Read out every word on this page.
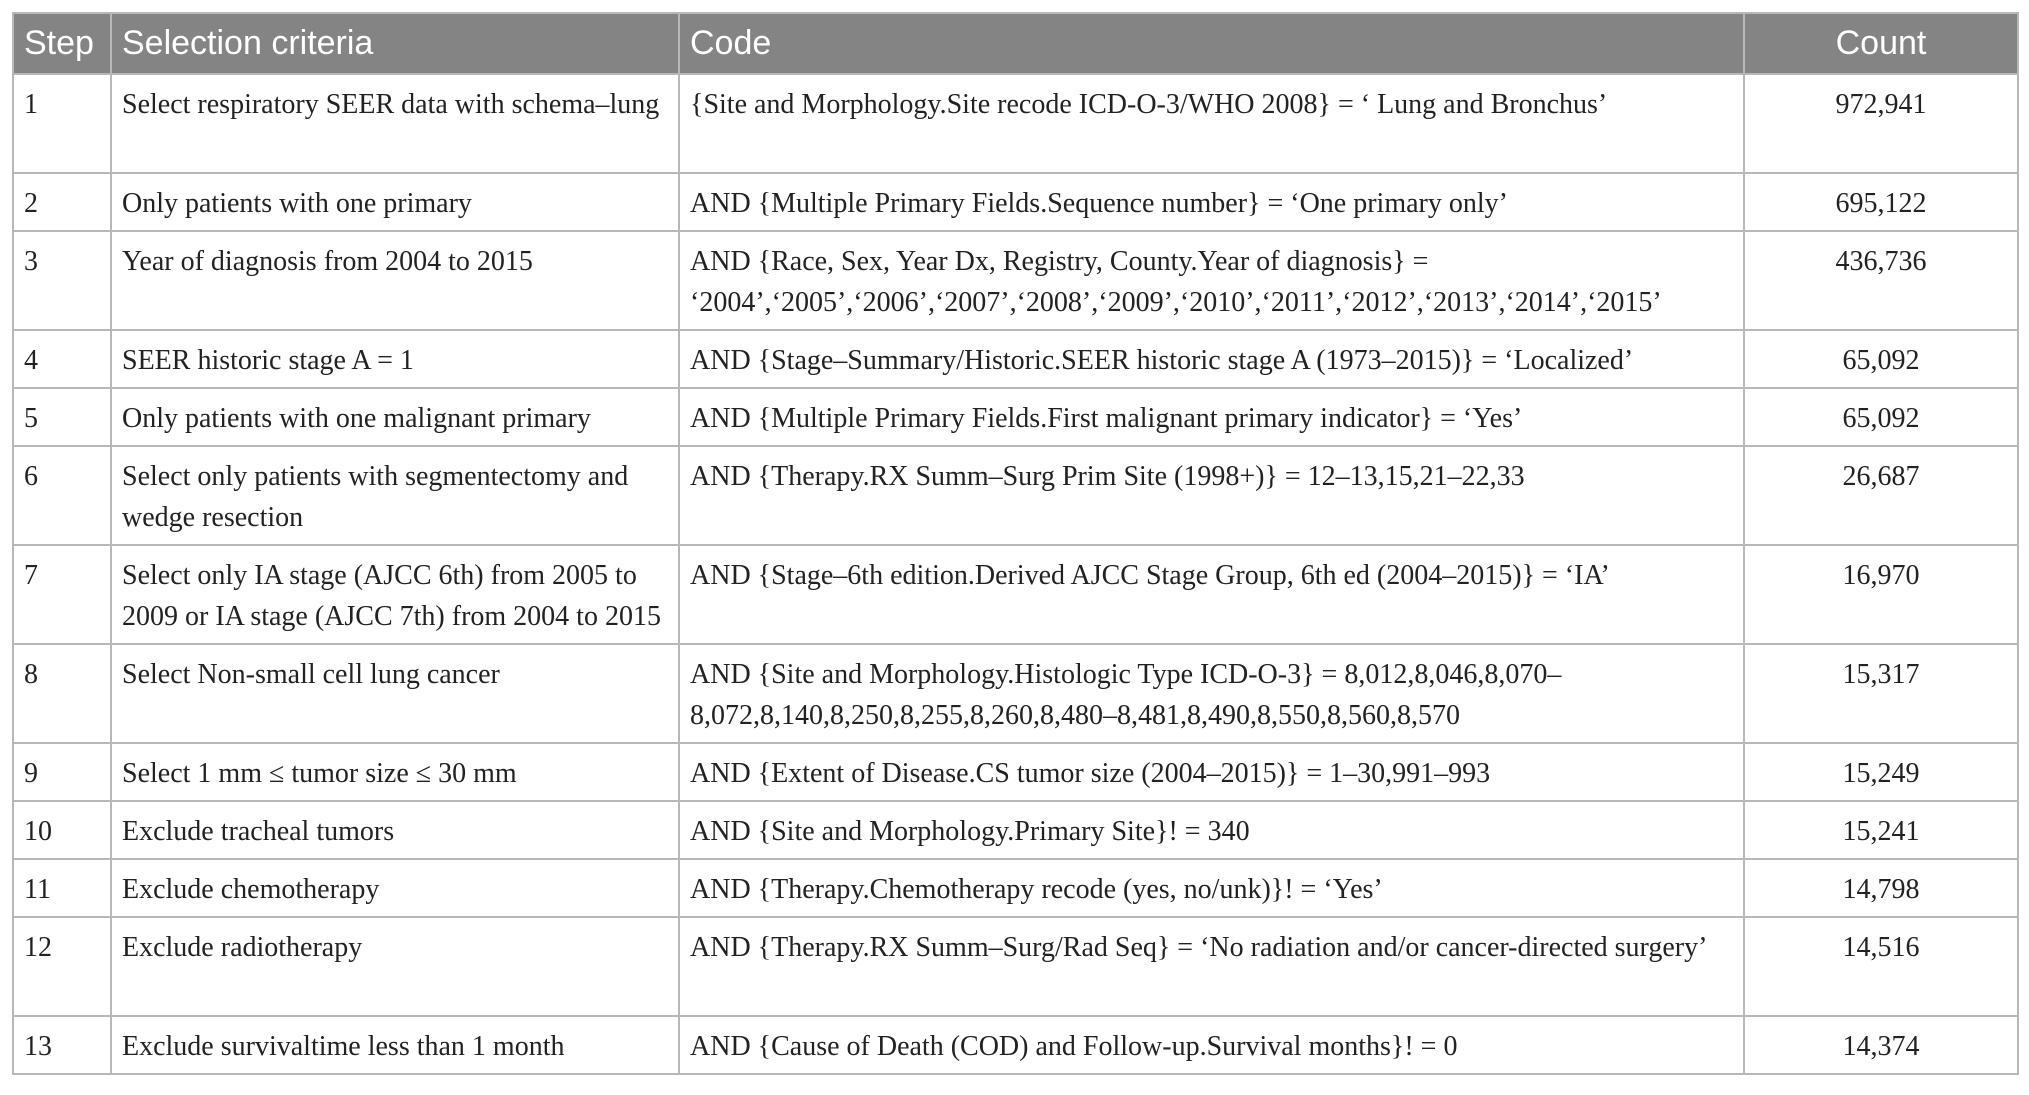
Step	Selection criteria	Code	Count
1	Select respiratory SEER data with schema–lung	{Site and Morphology.Site recode ICD-O-3/WHO 2008} = ‘ Lung and Bronchus’	972,941
2	Only patients with one primary	AND {Multiple Primary Fields.Sequence number} = ‘One primary only’	695,122
3	Year of diagnosis from 2004 to 2015	AND {Race, Sex, Year Dx, Registry, County.Year of diagnosis} = ‘2004’,‘2005’,‘2006’,‘2007’,‘2008’,‘2009’,‘2010’,‘2011’,‘2012’,‘2013’,‘2014’,‘2015’	436,736
4	SEER historic stage A = 1	AND {Stage–Summary/Historic.SEER historic stage A (1973–2015)} = ‘Localized’	65,092
5	Only patients with one malignant primary	AND {Multiple Primary Fields.First malignant primary indicator} = ‘Yes’	65,092
6	Select only patients with segmentectomy and wedge resection	AND {Therapy.RX Summ–Surg Prim Site (1998+)} = 12–13,15,21–22,33	26,687
7	Select only IA stage (AJCC 6th) from 2005 to 2009 or IA stage (AJCC 7th) from 2004 to 2015	AND {Stage–6th edition.Derived AJCC Stage Group, 6th ed (2004–2015)} = ‘IA’	16,970
8	Select Non-small cell lung cancer	AND {Site and Morphology.Histologic Type ICD-O-3} = 8,012,8,046,8,070–8,072,8,140,8,250,8,255,8,260,8,480–8,481,8,490,8,550,8,560,8,570	15,317
9	Select 1 mm ≤ tumor size ≤ 30 mm	AND {Extent of Disease.CS tumor size (2004–2015)} = 1–30,991–993	15,249
10	Exclude tracheal tumors	AND {Site and Morphology.Primary Site}! = 340	15,241
11	Exclude chemotherapy	AND {Therapy.Chemotherapy recode (yes, no/unk)}! = ‘Yes’	14,798
12	Exclude radiotherapy	AND {Therapy.RX Summ–Surg/Rad Seq} = ‘No radiation and/or cancer-directed surgery’	14,516
13	Exclude survivaltime less than 1 month	AND {Cause of Death (COD) and Follow-up.Survival months}! = 0	14,374
